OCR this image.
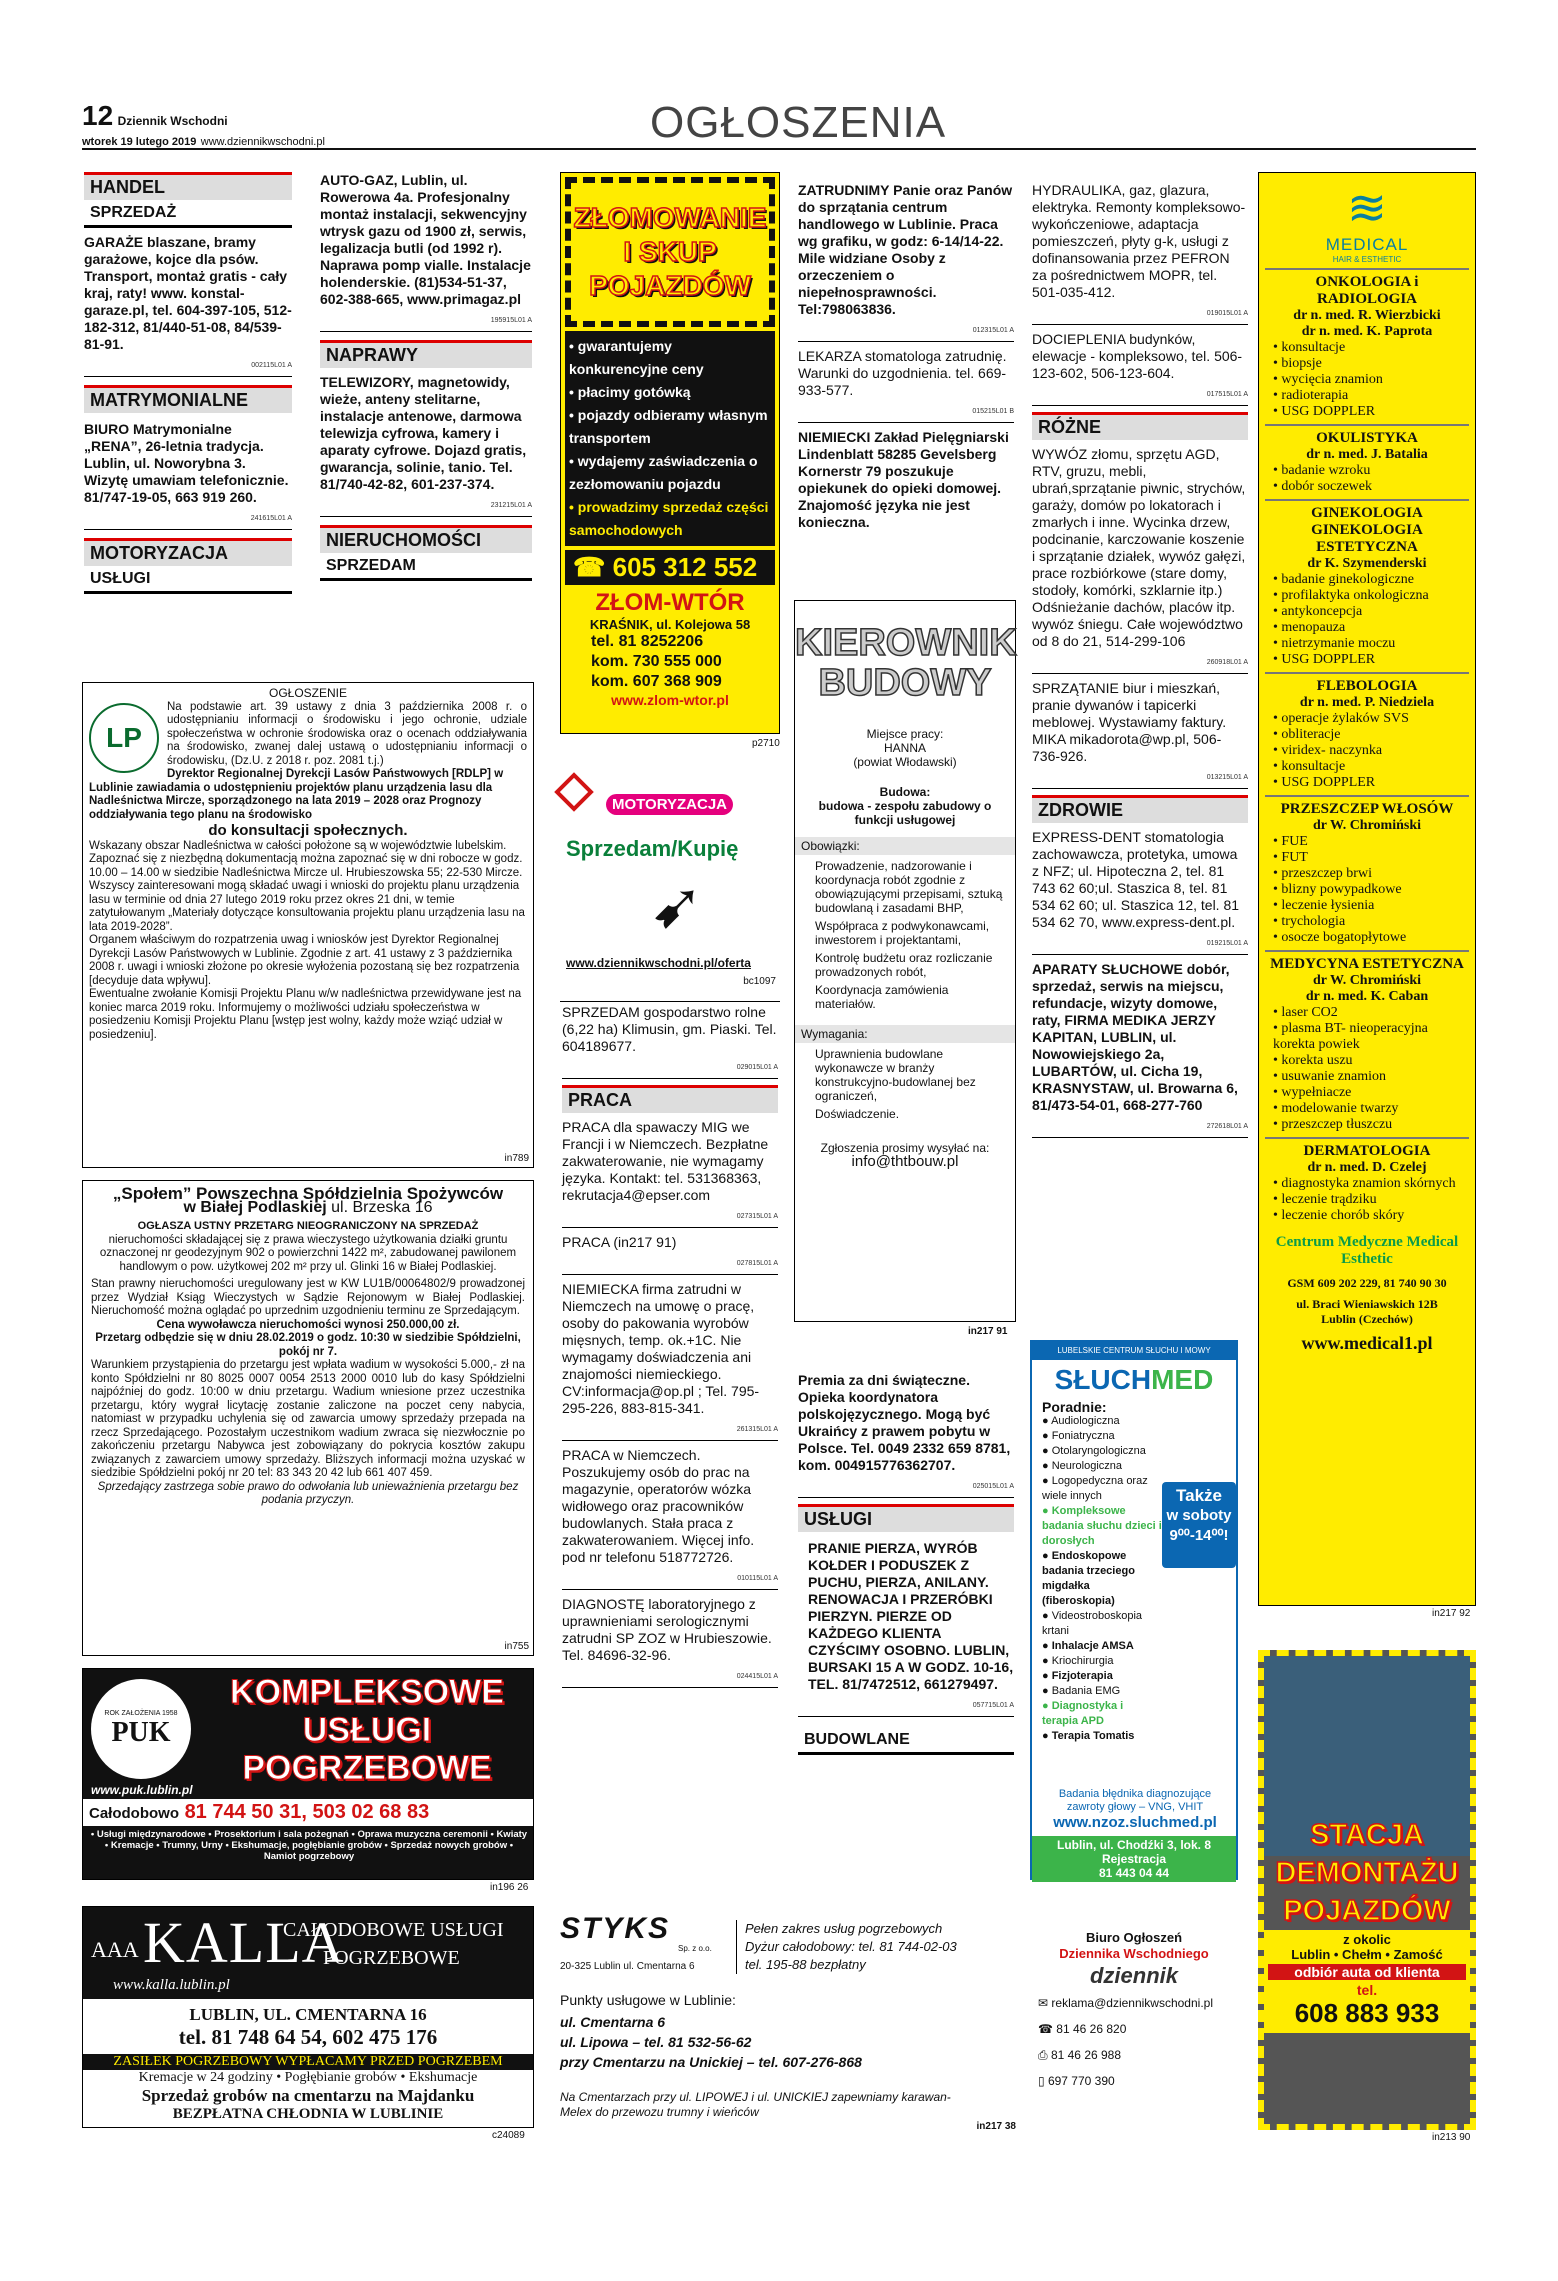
12 Dziennik Wschodni
wtorek 19 lutego 2019 www.dziennikwschodni.pl	OGŁOSZENIA
HANDEL
SPRZEDAŻ
GARAŻE blaszane, bramy garażowe, kojce dla psów. Transport, montaż gratis - cały kraj, raty! www. konstal-garaze.pl, tel. 604-397-105, 512-182-312, 81/440-51-08, 84/539-81-91.
002115L01 A
MATRYMONIALNE
BIURO Matrymonialne „RENA”, 26-letnia tradycja. Lublin, ul. Noworybna 3. Wizytę umawiam telefonicznie. 81/747-19-05, 663 919 260.
241615L01 A
MOTORYZACJA
USŁUGI
AUTO-GAZ, Lublin, ul. Rowerowa 4a. Profesjonalny montaż instalacji, sekwencyjny wtrysk gazu od 1900 zł, serwis, legalizacja butli (od 1992 r). Naprawa pomp vialle. Instalacje holenderskie. (81)534-51-37, 602-388-665, www.primagaz.pl
195915L01 A
NAPRAWY
TELEWIZORY, magnetowidy, wieże, anteny stelitarne, instalacje antenowe, darmowa telewizja cyfrowa, kamery i aparaty cyfrowe. Dojazd gratis, gwarancja, solinie, tanio. Tel. 81/740-42-82, 601-237-374.
231215L01 A
NIERUCHOMOŚCI
SPRZEDAM
OGŁOSZENIE
LP
Na podstawie art. 39 ustawy z dnia 3 października 2008 r. o udostępnianiu informacji o środowisku i jego ochronie, udziale społeczeństwa w ochronie środowiska oraz o ocenach oddziaływania na środowisko, zwanej dalej ustawą o udostępnianiu informacji o środowisku, (Dz.U. z 2018 r. poz. 2081 t.j.)
Dyrektor Regionalnej Dyrekcji Lasów Państwowych [RDLP] w Lublinie zawiadamia o udostępnieniu projektów planu urządzenia lasu dla Nadleśnictwa Mircze, sporządzonego na lata 2019 – 2028 oraz Prognozy oddziaływania tego planu na środowisko
do konsultacji społecznych.
Wskazany obszar Nadleśnictwa w całości położone są w województwie lubelskim.
Zapoznać się z niezbędną dokumentacją można zapoznać się w dni robocze w godz. 10.00 – 14.00 w siedzibie Nadleśnictwa Mircze ul. Hrubieszowska 55; 22-530 Mircze.
Wszyscy zainteresowani mogą składać uwagi i wnioski do projektu planu urządzenia lasu w terminie od dnia 27 lutego 2019 roku przez okres 21 dni, w temie zatytułowanym „Materiały dotyczące konsultowania projektu planu urządzenia lasu na lata 2019-2028”.
Organem właściwym do rozpatrzenia uwag i wniosków jest Dyrektor Regionalnej Dyrekcji Lasów Państwowych w Lublinie. Zgodnie z art. 41 ustawy z 3 października 2008 r. uwagi i wnioski złożone po okresie wyłożenia pozostaną się bez rozpatrzenia [decyduje data wpływu].
Ewentualne zwołanie Komisji Projektu Planu w/w nadleśnictwa przewidywane jest na koniec marca 2019 roku. Informujemy o możliwości udziału społeczeństwa w posiedzeniu Komisji Projektu Planu [wstęp jest wolny, każdy może wziąć udział w posiedzeniu].
in789
„Społem” Powszechna Spółdzielnia Spożywców
w Białej Podlaskiej ul. Brzeska 16
OGŁASZA USTNY PRZETARG NIEOGRANICZONY NA SPRZEDAŻ
nieruchomości składającej się z prawa wieczystego użytkowania działki gruntu oznaczonej nr geodezyjnym 902 o powierzchni 1422 m², zabudowanej pawilonem handlowym o pow. użytkowej 202 m² przy ul. Glinki 16 w Białej Podlaskiej.
Stan prawny nieruchomości uregulowany jest w KW LU1B/00064802/9 prowadzonej przez Wydział Ksiąg Wieczystych w Sądzie Rejonowym w Białej Podlaskiej. Nieruchomość można oglądać po uprzednim uzgodnieniu terminu ze Sprzedającym.
Cena wywoławcza nieruchomości wynosi 250.000,00 zł.
Przetarg odbędzie się w dniu 28.02.2019 o godz. 10:30 w siedzibie Spółdzielni, pokój nr 7.
Warunkiem przystąpienia do przetargu jest wpłata wadium w wysokości 5.000,- zł na konto Spółdzielni nr 80 8025 0007 0054 2513 2000 0010 lub do kasy Spółdzielni najpóźniej do godz. 10:00 w dniu przetargu. Wadium wniesione przez uczestnika przetargu, który wygrał licytację zostanie zaliczone na poczet ceny nabycia, natomiast w przypadku uchylenia się od zawarcia umowy sprzedaży przepada na rzecz Sprzedającego. Pozostałym uczestnikom wadium zwraca się niezwłocznie po zakończeniu przetargu Nabywca jest zobowiązany do pokrycia kosztów zakupu związanych z zawarciem umowy sprzedaży. Bliższych informacji można uzyskać w siedzibie Spółdzielni pokój nr 20 tel: 83 343 20 42 lub 661 407 459.
Sprzedający zastrzega sobie prawo do odwołania lub unieważnienia przetargu bez podania przyczyn.
in755
ROK ZAŁOŻENIA 1958
PUK
KOMPLEKSOWE
USŁUGI
POGRZEBOWE
www.puk.lublin.pl
Całodobowo 81 744 50 31, 503 02 68 83
• Usługi międzynarodowe • Prosektorium i sala pożegnań • Oprawa muzyczna ceremonii • Kwiaty • Kremacje • Trumny, Urny • Ekshumacje, pogłębianie grobów • Sprzedaż nowych grobów • Namiot pogrzebowy
in196 26
AAA KALLA
CAŁODOBOWE USŁUGI
POGRZEBOWE
www.kalla.lublin.pl
LUBLIN, UL. CMENTARNA 16
tel. 81 748 64 54, 602 475 176
ZASIŁEK POGRZEBOWY WYPŁACAMY PRZED POGRZEBEM
Kremacje w 24 godziny • Pogłębianie grobów • Ekshumacje
Sprzedaż grobów na cmentarzu na Majdanku
BEZPŁATNA CHŁODNIA W LUBLINIE
c24089
ZŁOMOWANIE I SKUP POJAZDÓW
• gwarantujemy konkurencyjne ceny
• płacimy gotówką
• pojazdy odbieramy własnym transportem
• wydajemy zaświadczenia o zezłomowaniu pojazdu
• prowadzimy sprzedaż części samochodowych
☎ 605 312 552
ZŁOM-WTÓR
KRAŚNIK, ul. Kolejowa 58
tel. 81 8252206
kom. 730 555 000
kom. 607 368 909
www.zlom-wtor.pl
p2710
MOTORYZACJA
Sprzedam/Kupię
➹
www.dziennikwschodni.pl/oferta
bc1097
SPRZEDAM gospodarstwo rolne (6,22 ha) Klimusin, gm. Piaski. Tel. 604189677.
029015L01 A
PRACA
PRACA dla spawaczy MIG we Francji i w Niemczech. Bezpłatne zakwaterowanie, nie wymagamy języka. Kontakt: tel. 531368363, rekrutacja4@epser.com
027315L01 A
PRACA (in217 91)
027815L01 A
NIEMIECKA firma zatrudni w Niemczech na umowę o pracę, osoby do pakowania wyrobów mięsnych, temp. ok.+1C. Nie wymagamy doświadczenia ani znajomości niemieckiego. CV:informacja@op.pl ; Tel. 795-295-226, 883-815-341.
261315L01 A
PRACA w Niemczech. Poszukujemy osób do prac na magazynie, operatorów wózka widłowego oraz pracowników budowlanych. Stała praca z zakwaterowaniem. Więcej info. pod nr telefonu 518772726.
010115L01 A
DIAGNOSTĘ laboratoryjnego z uprawnieniami serologicznymi zatrudni SP ZOZ w Hrubieszowie. Tel. 84696-32-96.
024415L01 A
ZATRUDNIMY Panie oraz Panów do sprzątania centrum handlowego w Lublinie. Praca wg grafiku, w godz: 6-14/14-22. Mile widziane Osoby z orzeczeniem o niepełnosprawności. Tel:798063836.
012315L01 A
LEKARZA stomatologa zatrudnię. Warunki do uzgodnienia. tel. 669-933-577.
015215L01 B
NIEMIECKI Zakład Pielęgniarski Lindenblatt 58285 Gevelsberg Kornerstr 79 poszukuje opiekunek do opieki domowej. Znajomość języka nie jest konieczna.
KIEROWNIK
BUDOWY
Miejsce pracy:
HANNA
(powiat Włodawski)
Budowa:
budowa - zespołu zabudowy o funkcji usługowej
Obowiązki:
Prowadzenie, nadzorowanie i koordynacja robót zgodnie z obowiązującymi przepisami, sztuką budowlaną i zasadami BHP,
Współpraca z podwykonawcami, inwestorem i projektantami,
Kontrolę budżetu oraz rozliczanie prowadzonych robót,
Koordynacja zamówienia materiałów.
Wymagania:
Uprawnienia budowlane wykonawcze w branży konstrukcyjno-budowlanej bez ograniczeń,
Doświadczenie.
Zgłoszenia prosimy wysyłać na:
info@thtbouw.pl
in217 91
Premia za dni świąteczne. Opieka koordynatora polskojęzycznego. Mogą być Ukraińcy z prawem pobytu w Polsce. Tel. 0049 2332 659 8781, kom. 004915776362707.
025015L01 A
USŁUGI
PRANIE PIERZA, WYRÓB KOŁDER I PODUSZEK Z PUCHU, PIERZA, ANILANY. RENOWACJA I PRZERÓBKI PIERZYN. PIERZE OD KAŻDEGO KLIENTA CZYŚCIMY OSOBNO. LUBLIN, BURSAKI 15 A W GODZ. 10-16, TEL. 81/7472512, 661279497.
057715L01 A
BUDOWLANE
HYDRAULIKA, gaz, glazura, elektryka. Remonty kompleksowo-wykończeniowe, adaptacja pomieszczeń, płyty g-k, usługi z dofinansowania przez PEFRON za pośrednictwem MOPR, tel. 501-035-412.
019015L01 A
DOCIEPLENIA budynków, elewacje - kompleksowo, tel. 506-123-602, 506-123-604.
017515L01 A
RÓŻNE
WYWÓZ złomu, sprzętu AGD, RTV, gruzu, mebli, ubrań,sprzątanie piwnic, strychów, garaży, domów po lokatorach i zmarłych i inne. Wycinka drzew, podcinanie, karczowanie koszenie i sprzątanie działek, wywóz gałęzi, prace rozbiórkowe (stare domy, stodoły, komórki, szklarnie itp.) Odśnieżanie dachów, placów itp. wywóz śniegu. Całe województwo od 8 do 21, 514-299-106
260918L01 A
SPRZĄTANIE biur i mieszkań, pranie dywanów i tapicerki meblowej. Wystawiamy faktury. MIKA mikadorota@wp.pl, 506-736-926.
013215L01 A
ZDROWIE
EXPRESS-DENT stomatologia zachowawcza, protetyka, umowa z NFZ; ul. Hipoteczna 2, tel. 81 743 62 60;ul. Staszica 8, tel. 81 534 62 60; ul. Staszica 12, tel. 81 534 62 70, www.express-dent.pl.
019215L01 A
APARATY SŁUCHOWE dobór, sprzedaż, serwis na miejscu, refundacje, wizyty domowe, raty, FIRMA MEDIKA JERZY KAPITAN, LUBLIN, ul. Nowowiejskiego 2a, LUBARTÓW, ul. Cicha 19, KRASNYSTAW, ul. Browarna 6, 81/473-54-01, 668-277-760
272618L01 A
LUBELSKIE CENTRUM SŁUCHU I MOWY
SŁUCHMED
Poradnie:
● Audiologiczna
● Foniatryczna
● Otolaryngologiczna
● Neurologiczna
● Logopedyczna oraz wiele innych
● Kompleksowe badania słuchu dzieci i dorosłych
● Endoskopowe badania trzeciego migdałka (fiberoskopia)
● Videostroboskopia krtani
● Inhalacje AMSA
● Kriochirurgia
● Fizjoterapia
● Badania EMG
● Diagnostyka i terapia APD
● Terapia Tomatis
Także
w soboty
9⁰⁰-14⁰⁰!
Badania błędnika diagnozujące zawroty głowy – VNG, VHIT
www.nzoz.sluchmed.pl
Lublin, ul. Chodźki 3, lok. 8
Rejestracja
81 443 04 44
≋
MEDICAL
HAIR & ESTHETIC
ONKOLOGIA i RADIOLOGIA
dr n. med. R. Wierzbicki
dr n. med. K. Paprota
• konsultacje
• biopsje
• wycięcia znamion
• radioterapia
• USG DOPPLER
OKULISTYKA
dr n. med. J. Batalia
• badanie wzroku
• dobór soczewek
GINEKOLOGIA
GINEKOLOGIA ESTETYCZNA
dr K. Szymenderski
• badanie ginekologiczne
• profilaktyka onkologiczna
• antykoncepcja
• menopauza
• nietrzymanie moczu
• USG DOPPLER
FLEBOLOGIA
dr n. med. P. Niedziela
• operacje żylaków SVS
• obliteracje
• viridex- naczynka
• konsultacje
• USG DOPPLER
PRZESZCZEP WŁOSÓW
dr W. Chromiński
• FUE
• FUT
• przeszczep brwi
• blizny powypadkowe
• leczenie łysienia
• trychologia
• osocze bogatopłytowe
MEDYCYNA ESTETYCZNA
dr W. Chromiński
dr n. med. K. Caban
• laser CO2
• plasma BT- nieoperacyjna korekta powiek
• korekta uszu
• usuwanie znamion
• wypełniacze
• modelowanie twarzy
• przeszczep tłuszczu
DERMATOLOGIA
dr n. med. D. Czelej
• diagnostyka znamion skórnych
• leczenie trądziku
• leczenie chorób skóry
Centrum Medyczne Medical Esthetic
GSM 609 202 229, 81 740 90 30
ul. Braci Wieniawskich 12B
Lublin (Czechów)
www.medical1.pl
in217 92
STACJA
DEMONTAŻU
POJAZDÓW
z okolic
Lublin • Chełm • Zamość
odbiór auta od klienta
tel.
608 883 933
in213 90
STYKS
Sp. z o.o.
20-325 Lublin ul. Cmentarna 6
Pełen zakres usług pogrzebowych
Dyżur całodobowy: tel. 81 744-02-03
tel. 195-88 bezpłatny
Punkty usługowe w Lublinie:
ul. Cmentarna 6
ul. Lipowa – tel. 81 532-56-62
przy Cmentarzu na Unickiej – tel. 607-276-868
Na Cmentarzach przy ul. LIPOWEJ i ul. UNICKIEJ zapewniamy karawan-Melex do przewozu trumny i wieńców
in217 38
Biuro Ogłoszeń
Dziennika Wschodniego
dziennik
✉ reklama@dziennikwschodni.pl
☎ 81 46 26 820
⎙ 81 46 26 988
▯ 697 770 390
